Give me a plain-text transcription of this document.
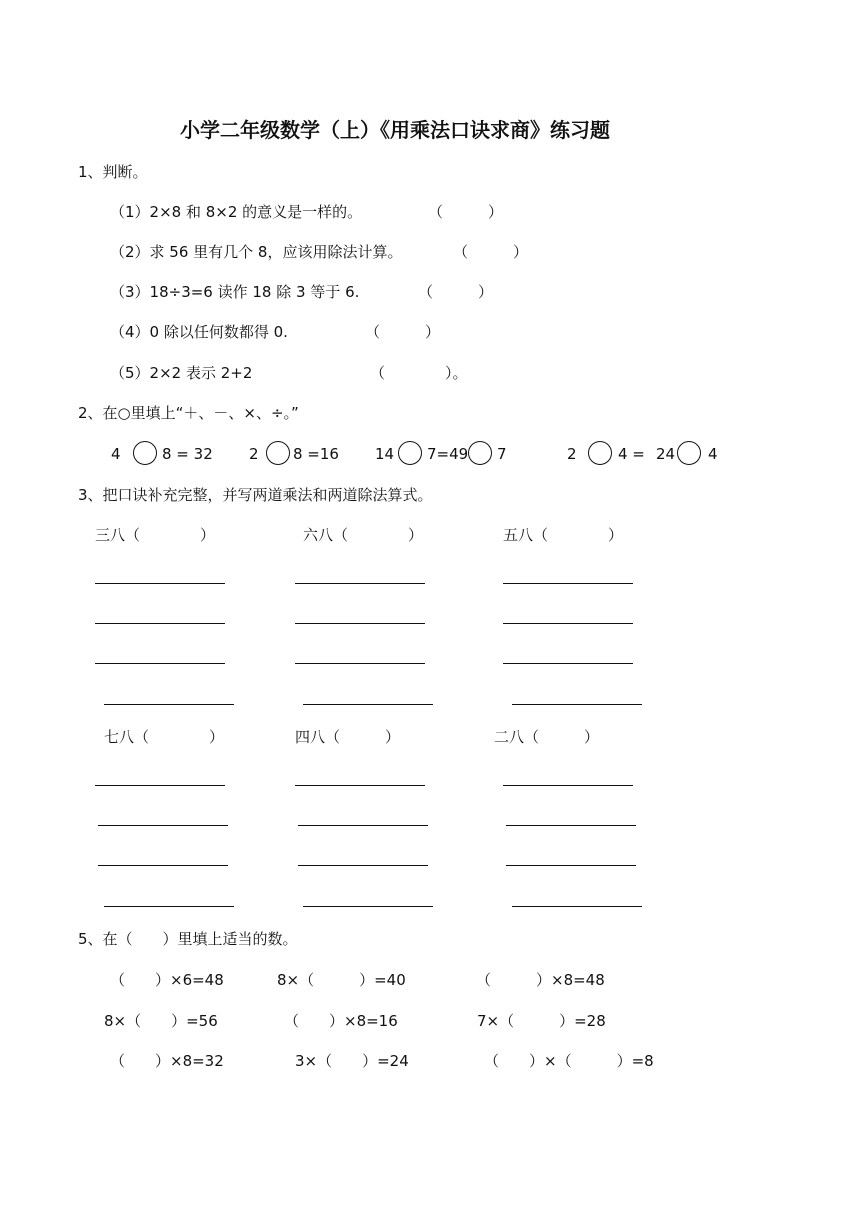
小学二年级数学（上）《用乘法口诀求商》练习题
1、判断。
（1）2×8 和 8×2 的意义是一样的。	（　　　）
（2）求 56 里有几个 8，应该用除法计算。	（　　　）
（3）18÷3=6 读作 18 除 3 等于 6.	（　　　）
（4）0 除以任何数都得 0.	（　　　）
（5）2×2 表示 2+2	（　　　　）。
2、在○里填上“＋、－、×、÷。”
4	8 = 32 2 8 =16 14 7=49 7	2	4 = 24 4
3、把口诀补充完整，并写两道乘法和两道除法算式。
三八（　　　　）	六八（　　　　）	五八（　　　　）
七八（　　　　）	四八（　　　）	二八（　　　）
5、在（　　）里填上适当的数。
（　　）×6=48	8×（　　　）=40	（　　　）×8=48
8×（　　）=56	（　　）×8=16	7×（　　　）=28
（　　）×8=32	3×（　　）=24	（　　）×（　　　）=8
